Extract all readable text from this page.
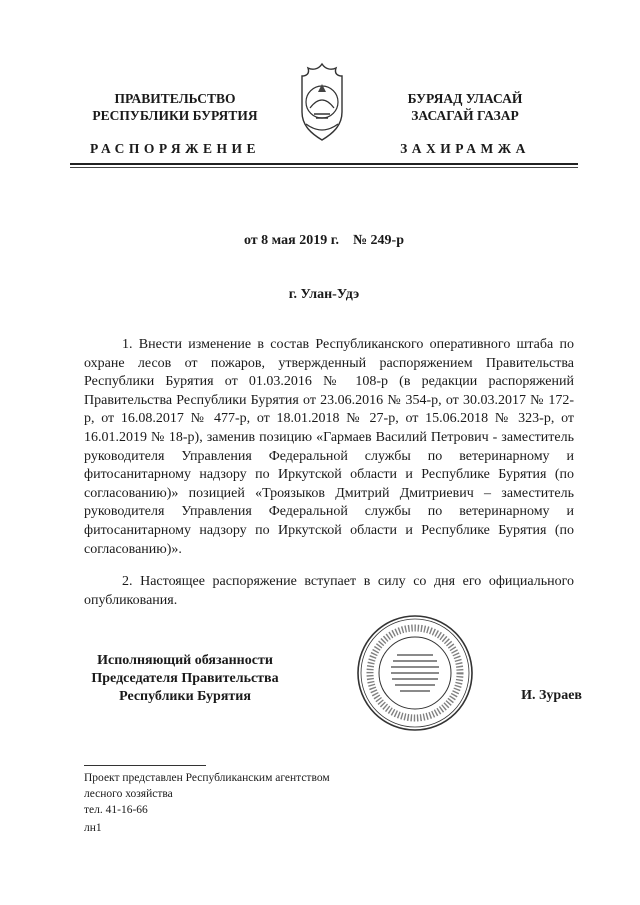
ПРАВИТЕЛЬСТВО
РЕСПУБЛИКИ БУРЯТИЯ
БУРЯАД УЛАСАЙ
ЗАСАГАЙ ГАЗАР
РАСПОРЯЖЕНИЕ	ЗАХИРАМЖА
от 8 мая 2019 г.    № 249-р
г. Улан-Удэ

1. Внести изменение в состав Республиканского оперативного штаба по охране лесов от пожаров, утвержденный распоряжением Правительства Республики Бурятия от 01.03.2016 № 108-р (в редакции распоряжений Правительства Республики Бурятия от 23.06.2016 № 354-р, от 30.03.2017 № 172-р, от 16.08.2017 № 477-р, от 18.01.2018 № 27-р, от 15.06.2018 № 323-р, от 16.01.2019 № 18-р), заменив позицию «Гармаев Василий Петрович - заместитель руководителя Управления Федеральной службы по ветеринарному и фитосанитарному надзору по Иркутской области и Республике Бурятия (по согласованию)» позицией «Троязыков Дмитрий Дмитриевич – заместитель руководителя Управления Федеральной службы по ветеринарному и фитосанитарному надзору по Иркутской области и Республике Бурятия (по согласованию)».

2. Настоящее распоряжение вступает в силу со дня его официального опубликования.

Исполняющий обязанности
Председателя Правительства
Республики Бурятия	И. Зураев
Проект представлен Республиканским агентством
лесного хозяйства
тел. 41-16-66
лн1
